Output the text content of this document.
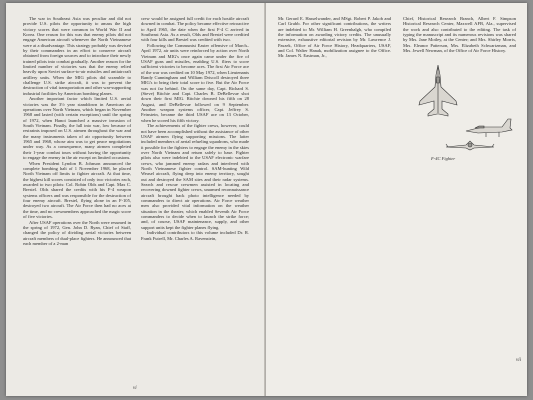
The war in Southeast Asia was peculiar and did not provide U.S. pilots the opportunity to amass the high victory scores that were common in World War II and Korea. One reason for this was that enemy pilots did not engage American aircraft whenever the North Vietnamese were at a disadvantage. This strategy probably was devised by their commanders in an effort to conserve aircraft obtained from foreign sources and to introduce their newly trained pilots into combat gradually. Another reason for the limited number of victories was that the enemy relied heavily upon Soviet surface-to-air missiles and antiaircraft artillery units. When the MIG pilots did scramble to challenge U.S. strike aircraft, it was to prevent the destruction of vital transportation and other war-supporting industrial facilities by American bombing planes.

Another important factor which limited U.S. aerial victories was the 3½ year standdown in American air operations over North Vietnam, which began in November 1968 and lasted (with certain exceptions) until the spring of 1972, when Hanoi launched a massive invasion of South Vietnam. Finally, the lull into war, low because of restraints imposed on U.S. airmen throughout the war and the many instruments taken of air opportunity between 1965 and 1968, whose aim was to get peace negotiations under way. As a consequence, many airmen completed their 1-year combat tours without having the opportunity to engage the enemy in the air except on limited occasions.

When President Lyndon B. Johnson announced the complete bombing halt of 1 November 1968, he placed North Vietnam off limits to fighter aircraft. At that time, the highest kill scores consisted of only two victories each, awarded to two pilots: Col. Robin Olds and Capt. Max C. Brestel. Olds shared the credits with his F-4 weapon systems officers and was responsible for the destruction of four enemy aircraft. Brestel, flying alone in an F-105, destroyed two aircraft. The Air Force then had no aces at the time, and no crewmembers approached the magic score of five victories.

After USAF operations over the North were resumed in the spring of 1972, Gen. John D. Ryan, Chief of Staff, changed the policy of dividing aerial victories between aircraft members of dual-place fighters. He announced that each member of a 2-man

crew would be assigned full credit for each hostile aircraft downed in combat. The policy became effective retroactive to April 1965, the date when the first F-4 C arrived in Southeast Asia. As a result, Olds and Brestel were credited with four kills and Brestel was credited with two.

Following the Communist Easter offensive of March–April 1972, air units were reinforced by action over North Vietnam and MIG's once again came under the fire of USAF guns and missiles, enabling U.S. fliers to score sufficient victories to become aces. The first Air Force ace of the war was credited on 10 May 1972, when Lieutenants Randy Cunningham and William Driscoll destroyed three MIG's to bring their total score to five. But the Air Force was not far behind. On the same day, Capt. Richard S. (Steve) Ritchie and Capt. Charles B. DeBellevue shot down their first MIG. Ritchie downed his fifth on 28 August, and DeBellevue followed on 9 September. Another weapon systems officer, Capt. Jeffrey S. Feinstein, became the third USAF ace on 13 October, when he scored his fifth victory.

The achievements of the fighter crews, however, could not have been accomplished without the assistance of other USAF airmen flying supporting missions. The latter included members of aerial refueling squadrons, who made it possible for the fighters to engage the enemy in the skies over North Vietnam and return safely to base. Fighter pilots also were indebted to the USAF electronic warfare crews, who jammed enemy radars and interfered with North Vietnamese fighter control. SAM-hunting Wild Weasel aircraft, flying deep into enemy territory, sought out and destroyed the SAM sites and their radar systems. Search and rescue crewmen assisted in locating and recovering downed fighter crews, unarmed reconnaissance aircraft brought back photo intelligence needed by commanders to direct air operations. Air Force weather men also provided vital information on the weather situation in the theater, which enabled Seventh Air Force commanders to decide when to launch the strike force; and, of course, USAF maintenance, supply, and other support units kept the fighter planes flying.

Individual contributors to this volume included Dr. R. Frank Futrell, Mr. Charles A. Ravenstein,

vi

Mr. Gerard E. Hasselwander, and MSgt. Robert P. Jakob and Carl Grubb. For other significant contributions, the writers are indebted to Mr. William H. Greenhalgh, who compiled the information on awarding victory credits. The unusually extensive, exhaustive editorial revision by Mr. Lawrence J. Paszek, Office of Air Force History, Headquarters, USAF, and Col. Walter Hanak, mobilization assignee to the Office. Mr. James N. Eastman, Jr.,

Chief, Historical Research Branch, Albert F. Simpson Historical Research Center, Maxwell AFB, Ala., supervised the work and also contributed to the editing. The task of typing the manuscript and its numerous revisions was shared by Mrs. Jane Motley, at the Center; and Mrs. Shirley Morris, Mrs. Eleanor Patterson, Mrs. Elizabeth Schwartzman, and Mrs. Jewell Newman, of the Office of Air Force History.

F-4C Fighter
vii
